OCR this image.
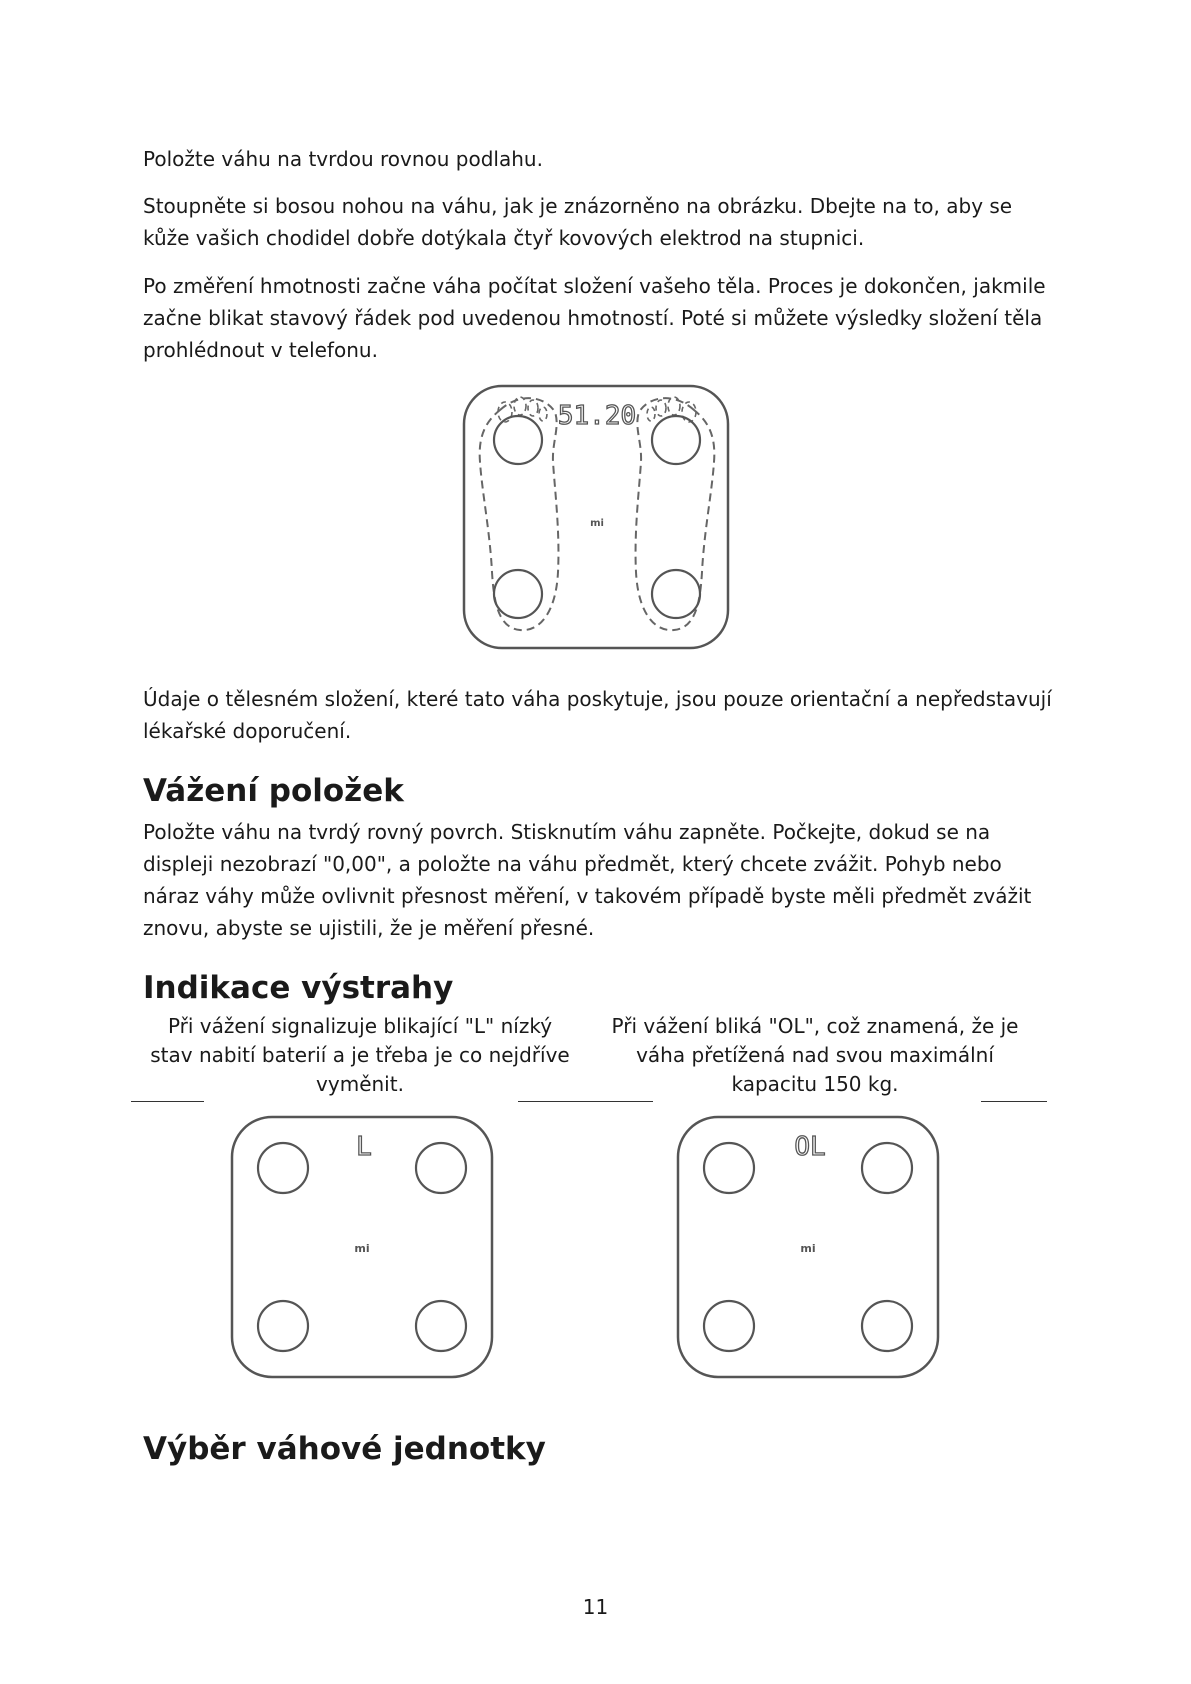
Položte váhu na tvrdou rovnou podlahu.

Stoupněte si bosou nohou na váhu, jak je znázorněno na obrázku. Dbejte na to, aby se kůže vašich chodidel dobře dotýkala čtyř kovových elektrod na stupnici.

Po změření hmotnosti začne váha počítat složení vašeho těla. Proces je dokončen, jakmile začne blikat stavový řádek pod uvedenou hmotností. Poté si můžete výsledky složení těla prohlédnout v telefonu.

51.20
mi

Údaje o tělesném složení, které tato váha poskytuje, jsou pouze orientační a nepředstavují lékařské doporučení.

Vážení položek

Položte váhu na tvrdý rovný povrch. Stisknutím váhu zapněte. Počkejte, dokud se na displeji nezobrazí "0,00", a položte na váhu předmět, který chcete zvážit. Pohyb nebo náraz váhy může ovlivnit přesnost měření, v takovém případě byste měli předmět zvážit znovu, abyste se ujistili, že je měření přesné.

Indikace výstrahy

Při vážení signalizuje blikající "L" nízký stav nabití baterií a je třeba je co nejdříve vyměnit.

Při vážení bliká "OL", což znamená, že je váha přetížená nad svou maximální kapacitu 150 kg.

L
mi
OL
mi
Výběr váhové jednotky
11
